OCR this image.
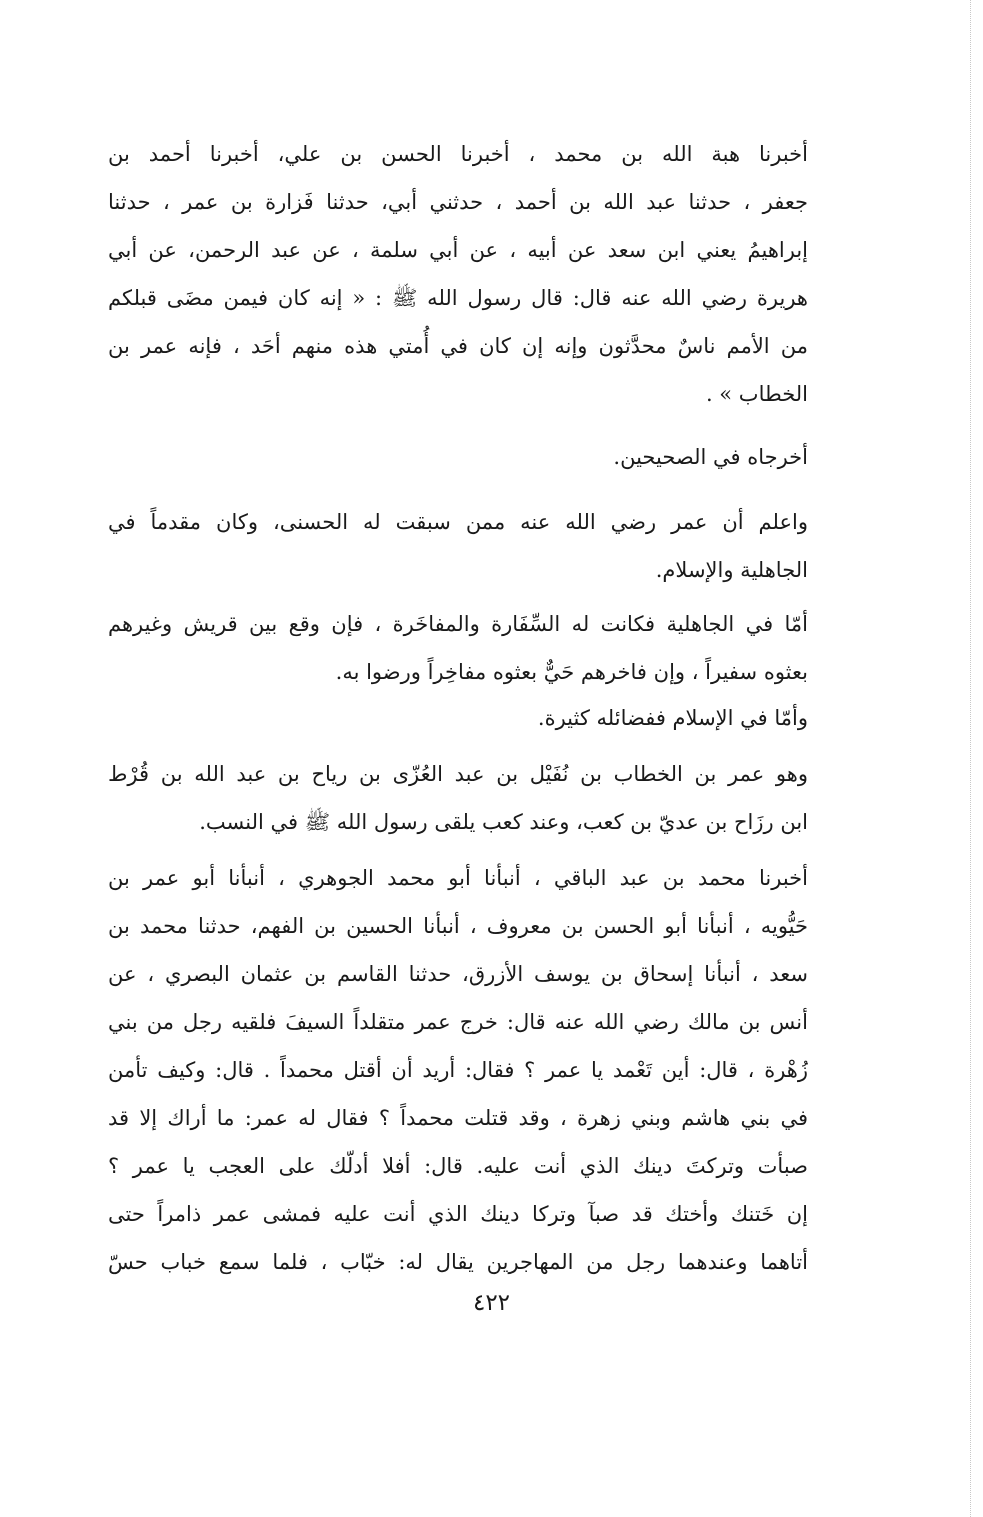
أخبرنا هبة الله بن محمد ، أخبرنا الحسن بن علي، أخبرنا أحمد بن
جعفر ، حدثنا عبد الله بن أحمد ، حدثني أبي، حدثنا فَزارة بن عمر ، حدثنا
إبراهيمُ يعني ابن سعد عن أبيه ، عن أبي سلمة ، عن عبد الرحمن، عن أبي
هريرة رضي الله عنه قال: قال رسول الله ﷺ : « إنه كان فيمن مضَى قبلكم
من الأمم ناسٌ محدَّثون وإنه إن كان في أُمتي هذه منهم أحَد ، فإنه عمر بن
الخطاب » .
أخرجاه في الصحيحين.
واعلم أن عمر رضي الله عنه ممن سبقت له الحسنى، وكان مقدماً في
الجاهلية والإسلام.
أمّا في الجاهلية فكانت له السِّفَارة والمفاخَرة ، فإن وقع بين قريش وغيرهم
بعثوه سفيراً ، وإن فاخرهم حَيٌّ بعثوه مفاخِراً ورضوا به.
وأمّا في الإسلام ففضائله كثيرة.
وهو عمر بن الخطاب بن نُفَيْل بن عبد العُزّى بن رياح بن عبد الله بن قُرْط
ابن رزَاح بن عديّ بن كعب، وعند كعب يلقى رسول الله ﷺ في النسب.
أخبرنا محمد بن عبد الباقي ، أنبأنا أبو محمد الجوهري ، أنبأنا أبو عمر بن
حَيُّويه ، أنبأنا أبو الحسن بن معروف ، أنبأنا الحسين بن الفهم، حدثنا محمد بن
سعد ، أنبأنا إسحاق بن يوسف الأزرق، حدثنا القاسم بن عثمان البصري ، عن
أنس بن مالك رضي الله عنه قال: خرج عمر متقلداً السيفَ فلقيه رجل من بني
زُهْرة ، قال: أين تَعْمد يا عمر ؟ فقال: أريد أن أقتل محمداً . قال: وكيف تأمن
في بني هاشم وبني زهرة ، وقد قتلت محمداً ؟ فقال له عمر: ما أراك إلا قد
صبأت وتركتَ دينك الذي أنت عليه. قال: أفلا أدلّك على العجب يا عمر ؟
إن خَتنك وأختك قد صبآ وتركا دينك الذي أنت عليه فمشى عمر ذامراً حتى
أتاهما وعندهما رجل من المهاجرين يقال له: خبّاب ، فلما سمع خباب حسّ
٤٢٢
